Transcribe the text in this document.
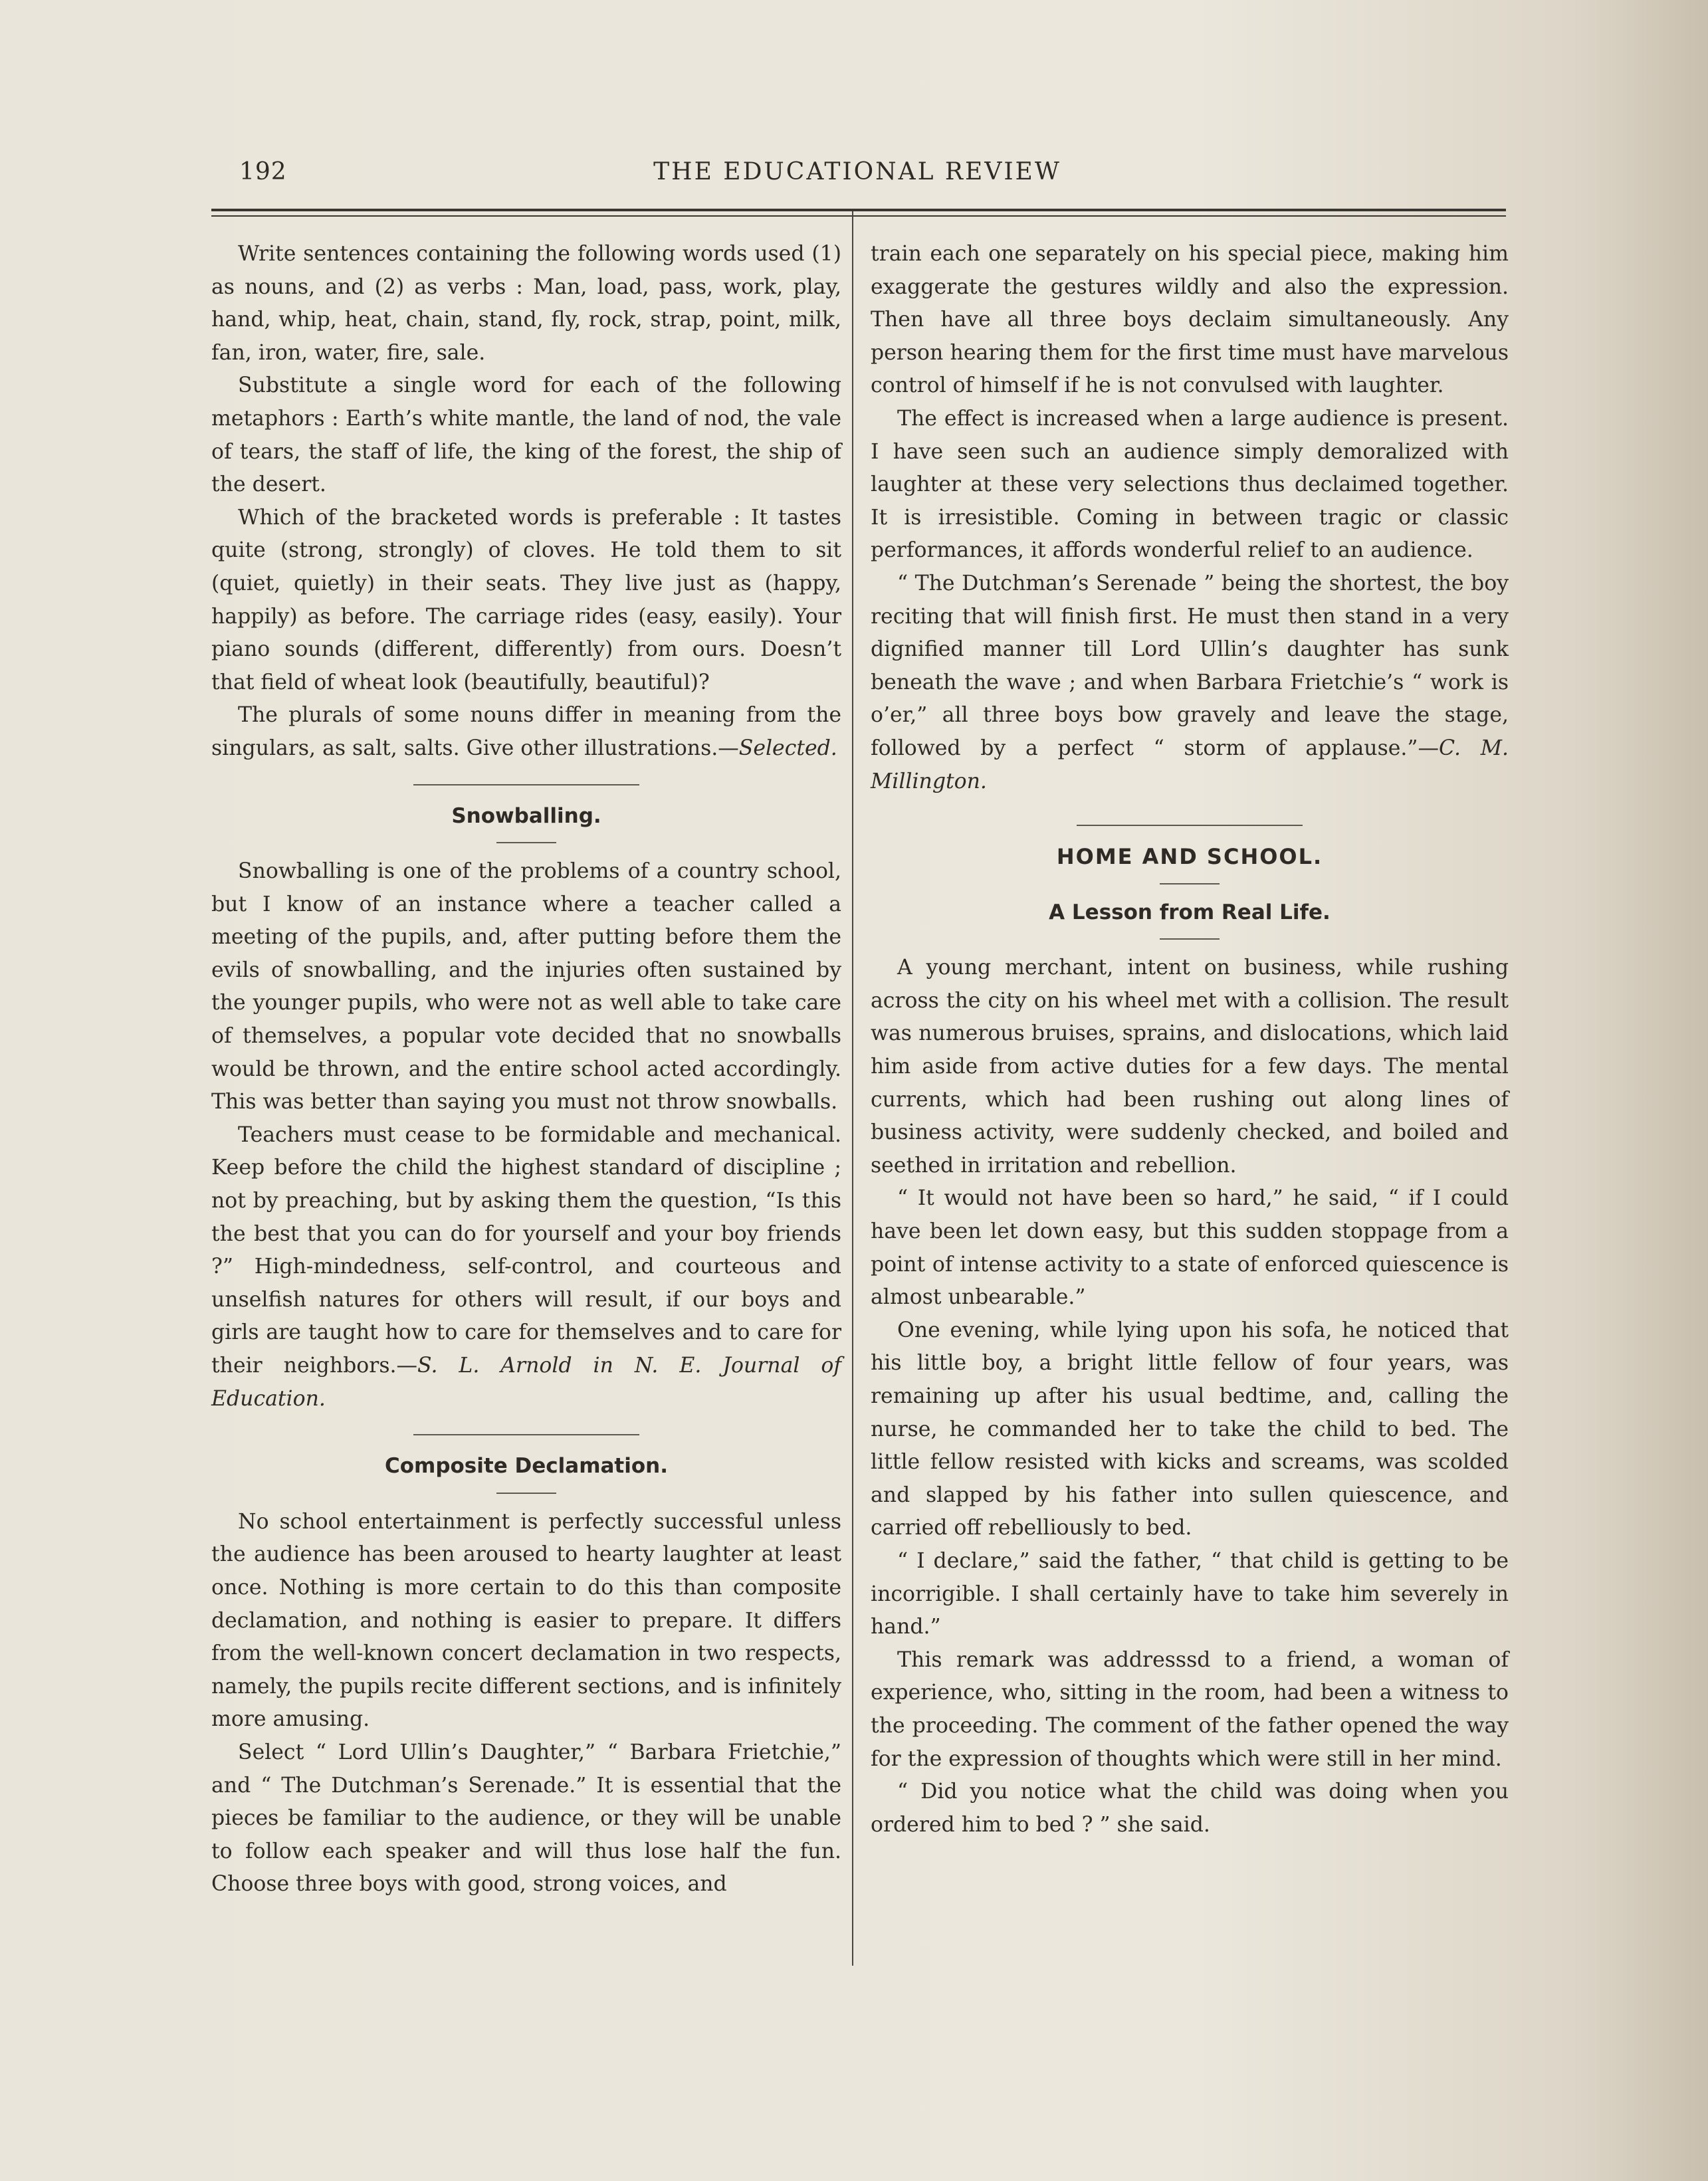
192	THE EDUCATIONAL REVIEW

Write sentences containing the following words used (1) as nouns, and (2) as verbs : Man, load, pass, work, play, hand, whip, heat, chain, stand, fly, rock, strap, point, milk, fan, iron, water, fire, sale.

Substitute a single word for each of the following metaphors : Earth’s white mantle, the land of nod, the vale of tears, the staff of life, the king of the forest, the ship of the desert.

Which of the bracketed words is preferable : It tastes quite (strong, strongly) of cloves. He told them to sit (quiet, quietly) in their seats. They live just as (happy, happily) as before. The carriage rides (easy, easily). Your piano sounds (different, differently) from ours. Doesn’t that field of wheat look (beautifully, beautiful)?

The plurals of some nouns differ in meaning from the singulars, as salt, salts. Give other illustrations.—Selected.

Snowballing.

Snowballing is one of the problems of a country school, but I know of an instance where a teacher called a meeting of the pupils, and, after putting before them the evils of snowballing, and the injuries often sustained by the younger pupils, who were not as well able to take care of themselves, a popular vote decided that no snowballs would be thrown, and the entire school acted accordingly. This was better than saying you must not throw snowballs.

Teachers must cease to be formidable and mechanical. Keep before the child the highest standard of discipline ; not by preaching, but by asking them the question, “Is this the best that you can do for yourself and your boy friends ?” High-mindedness, self-control, and courteous and unselfish natures for others will result, if our boys and girls are taught how to care for themselves and to care for their neighbors.—S. L. Arnold in N. E. Journal of Education.

Composite Declamation.

No school entertainment is perfectly successful unless the audience has been aroused to hearty laughter at least once. Nothing is more certain to do this than composite declamation, and nothing is easier to prepare. It differs from the well-known concert declamation in two respects, namely, the pupils recite different sections, and is infinitely more amusing.

Select “ Lord Ullin’s Daughter,” “ Barbara Frietchie,” and “ The Dutchman’s Serenade.” It is essential that the pieces be familiar to the audience, or they will be unable to follow each speaker and will thus lose half the fun. Choose three boys with good, strong voices, and

train each one separately on his special piece, making him exaggerate the gestures wildly and also the expression. Then have all three boys declaim simultaneously. Any person hearing them for the first time must have marvelous control of himself if he is not convulsed with laughter.

The effect is increased when a large audience is present. I have seen such an audience simply demoralized with laughter at these very selections thus declaimed together. It is irresistible. Coming in between tragic or classic performances, it affords wonderful relief to an audience.

“ The Dutchman’s Serenade ” being the shortest, the boy reciting that will finish first. He must then stand in a very dignified manner till Lord Ullin’s daughter has sunk beneath the wave ; and when Barbara Frietchie’s “ work is o’er,” all three boys bow gravely and leave the stage, followed by a perfect “ storm of applause.”—C. M. Millington.

HOME AND SCHOOL.
A Lesson from Real Life.

A young merchant, intent on business, while rushing across the city on his wheel met with a collision. The result was numerous bruises, sprains, and dislocations, which laid him aside from active duties for a few days. The mental currents, which had been rushing out along lines of business activity, were suddenly checked, and boiled and seethed in irritation and rebellion.

“ It would not have been so hard,” he said, “ if I could have been let down easy, but this sudden stoppage from a point of intense activity to a state of enforced quiescence is almost unbearable.”

One evening, while lying upon his sofa, he noticed that his little boy, a bright little fellow of four years, was remaining up after his usual bedtime, and, calling the nurse, he commanded her to take the child to bed. The little fellow resisted with kicks and screams, was scolded and slapped by his father into sullen quiescence, and carried off rebelliously to bed.

“ I declare,” said the father, “ that child is getting to be incorrigible. I shall certainly have to take him severely in hand.”

This remark was addresssd to a friend, a woman of experience, who, sitting in the room, had been a witness to the proceeding. The comment of the father opened the way for the expression of thoughts which were still in her mind.

“ Did you notice what the child was doing when you ordered him to bed ? ” she said.
